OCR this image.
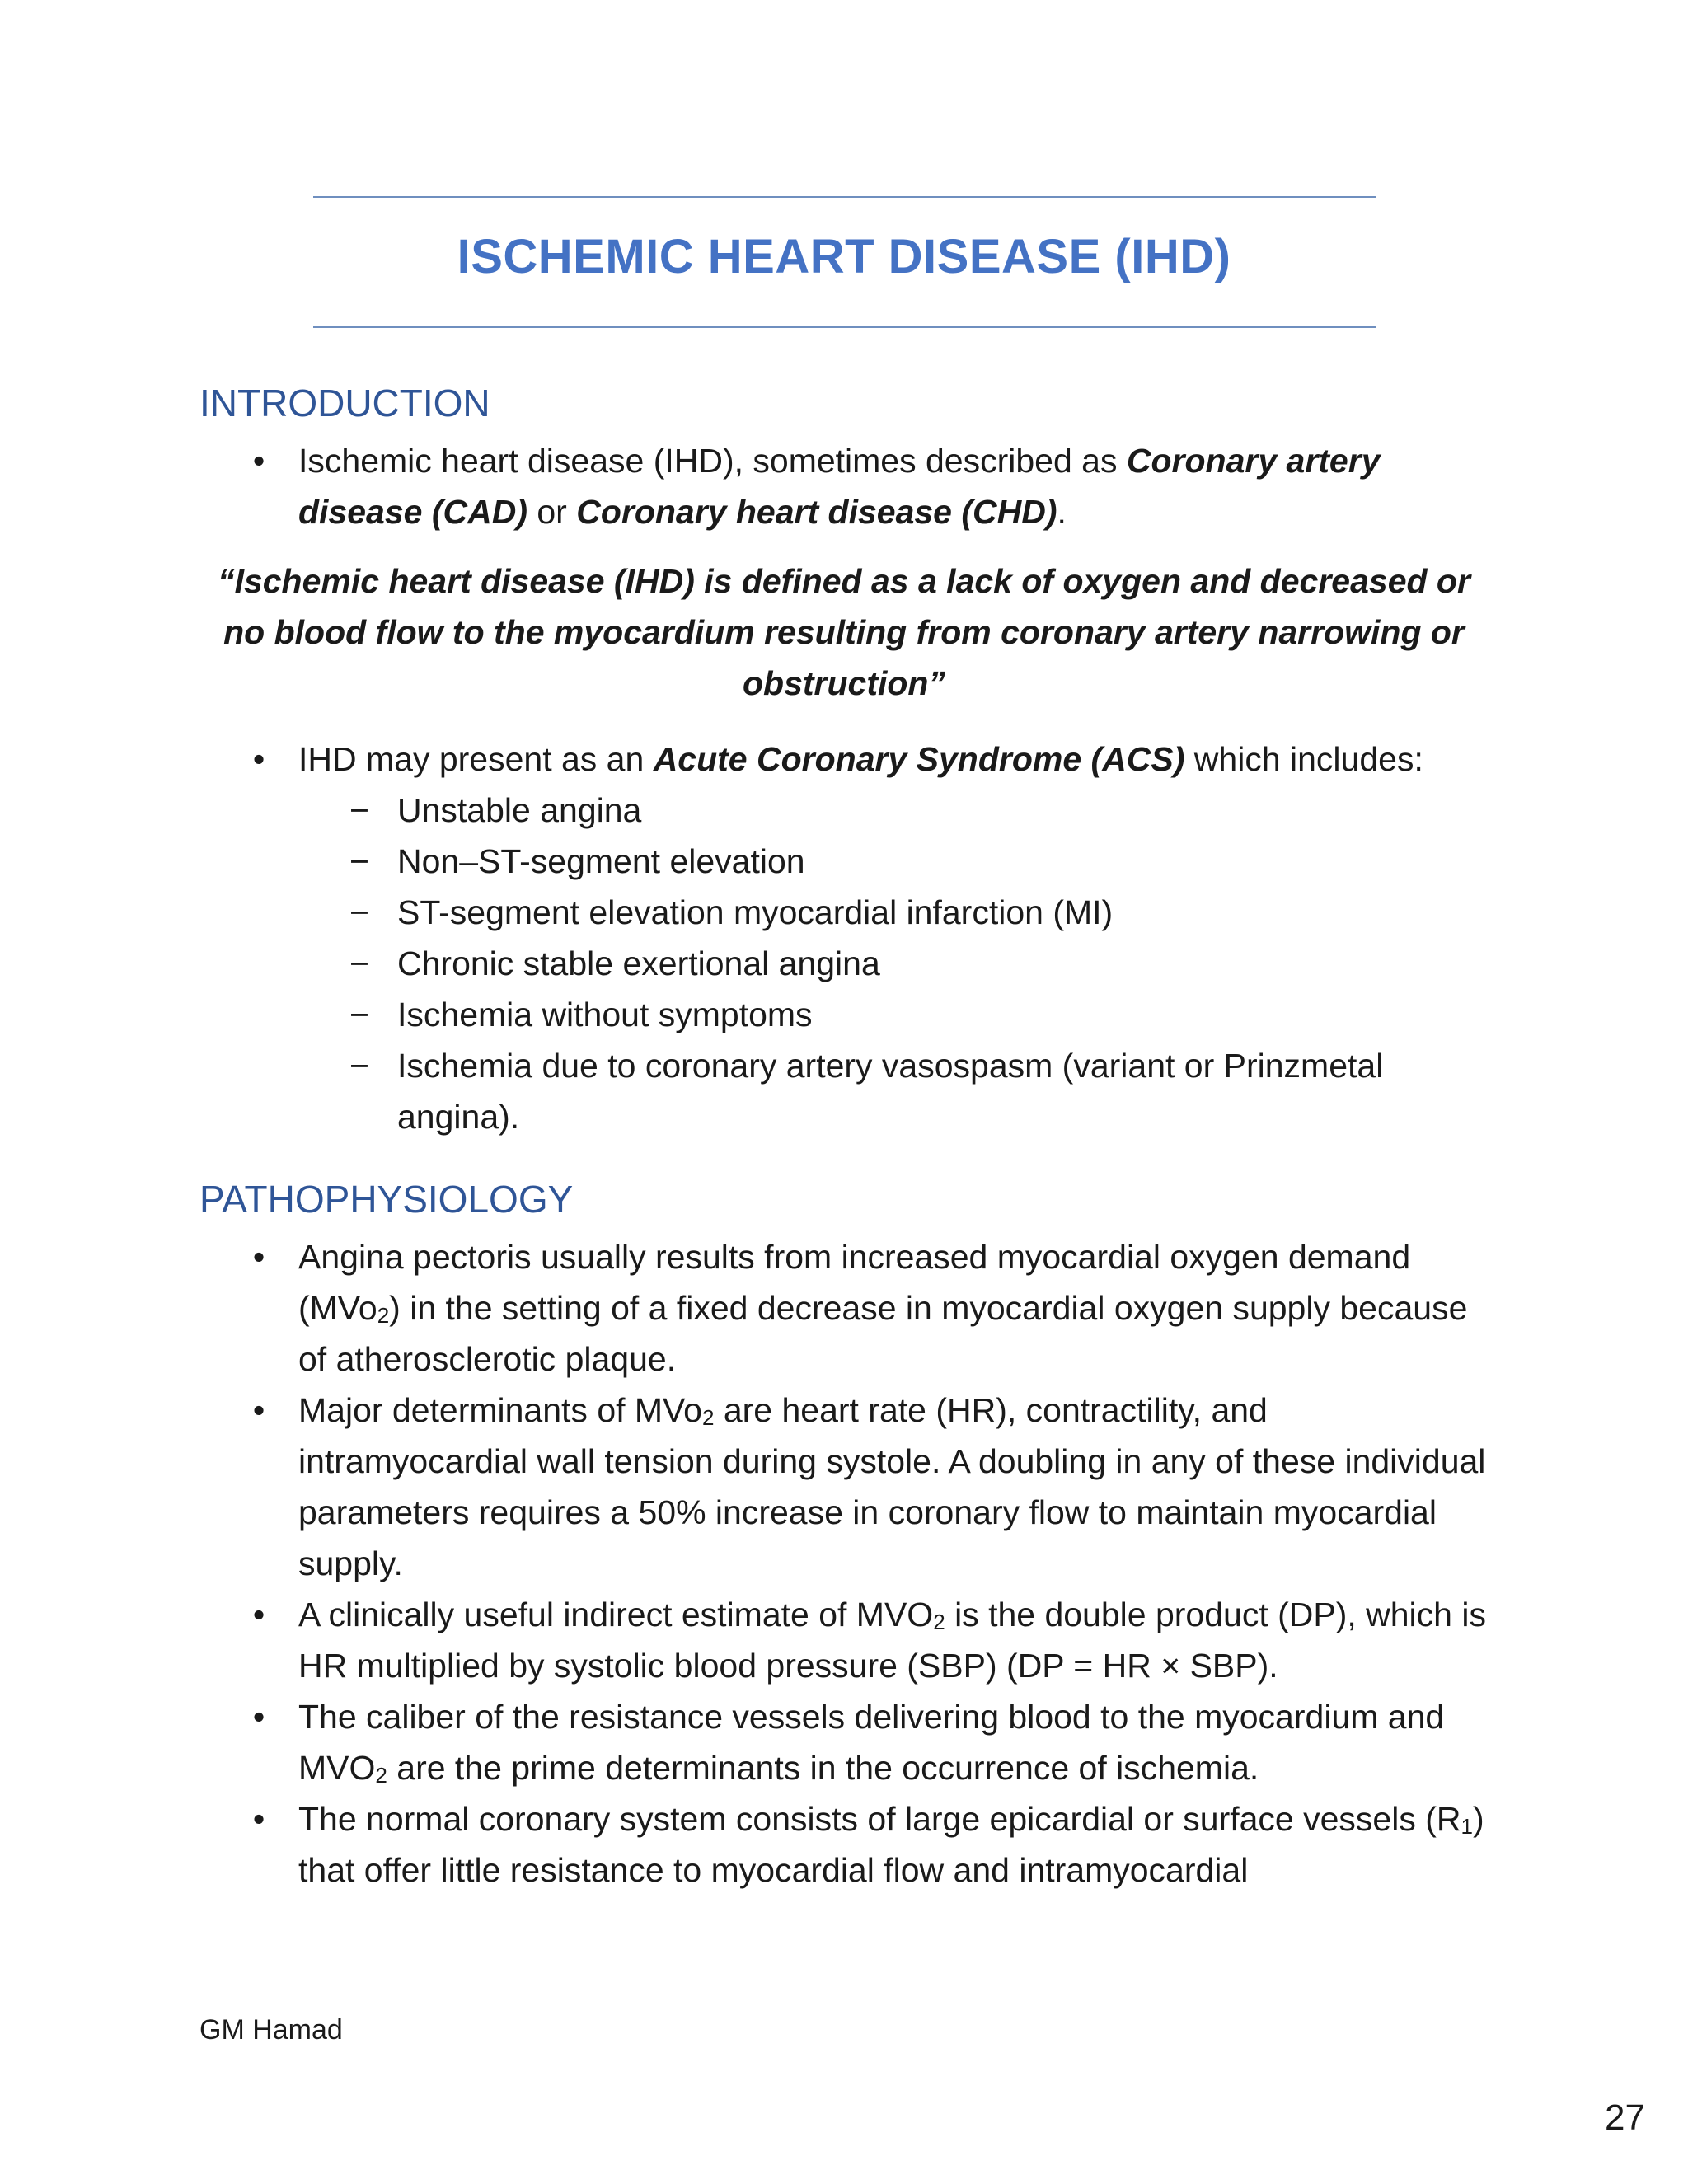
ISCHEMIC HEART DISEASE (IHD)
INTRODUCTION
• Ischemic heart disease (IHD), sometimes described as Coronary artery disease (CAD) or Coronary heart disease (CHD).
“Ischemic heart disease (IHD) is defined as a lack of oxygen and decreased or no blood flow to the myocardium resulting from coronary artery narrowing or obstruction”
• IHD may present as an Acute Coronary Syndrome (ACS) which includes:
− Unstable angina
− Non–ST-segment elevation
− ST-segment elevation myocardial infarction (MI)
− Chronic stable exertional angina
− Ischemia without symptoms
− Ischemia due to coronary artery vasospasm (variant or Prinzmetal angina).
PATHOPHYSIOLOGY
• Angina pectoris usually results from increased myocardial oxygen demand (MVo$_2$) in the setting of a fixed decrease in myocardial oxygen supply because of atherosclerotic plaque.
• Major determinants of MVo$_2$ are heart rate (HR), contractility, and intramyocardial wall tension during systole. A doubling in any of these individual parameters requires a 50% increase in coronary flow to maintain myocardial supply.
• A clinically useful indirect estimate of $MVO_2$ is the double product (DP), which is HR multiplied by systolic blood pressure (SBP) (DP = HR × SBP).
• The caliber of the resistance vessels delivering blood to the myocardium and $MVO_2$ are the prime determinants in the occurrence of ischemia.
• The normal coronary system consists of large epicardial or surface vessels $(R_1)$ that offer little resistance to myocardial flow and intramyocardial
GM Hamad
27
